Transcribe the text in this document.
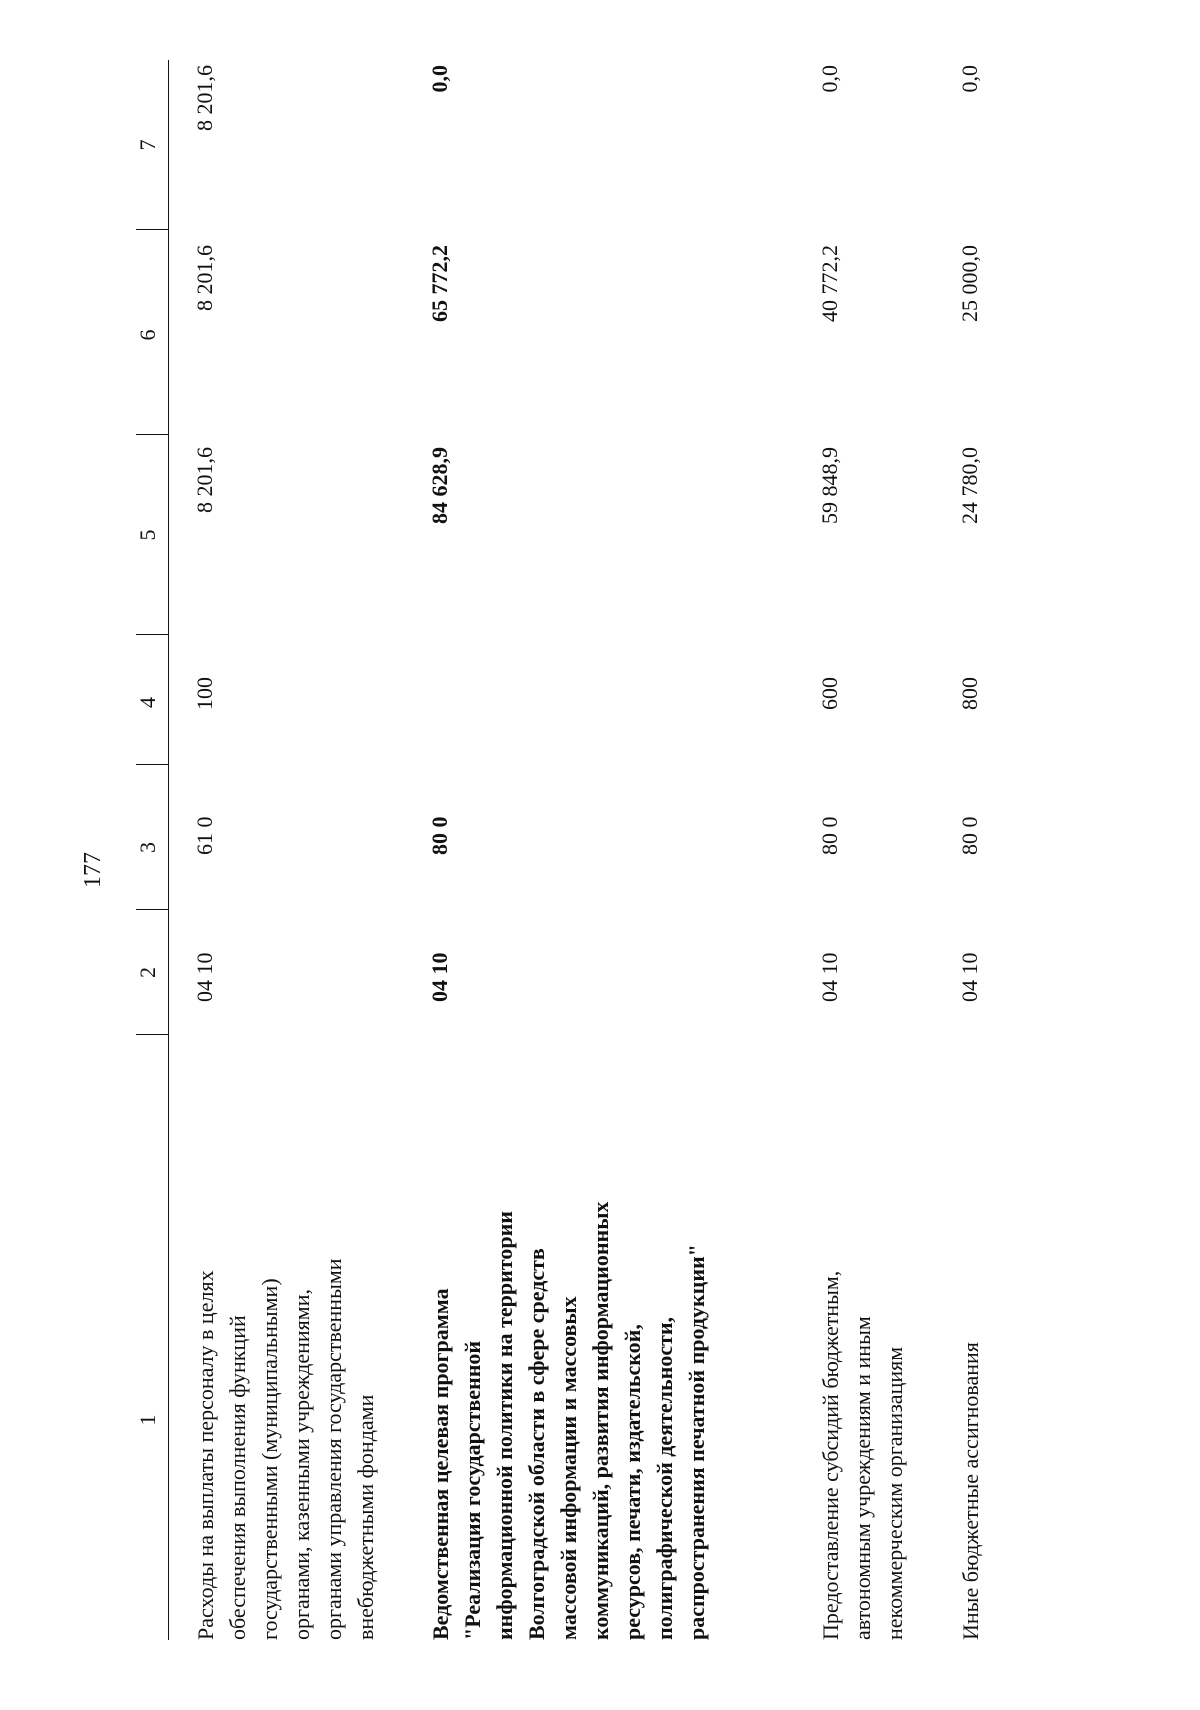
177
1
2
3
4
5
6
7
Расходы на выплаты персоналу в целях обеспечения выполнения функций государственными (муниципальными) органами, казенными учреждениями, органами управления государственными внебюджетными фондами
04 10
61 0
100
8 201,6
8 201,6
8 201,6
Ведомственная целевая программа "Реализация государственной информационной политики на территории Волгоградской области в сфере средств массовой информации и массовых коммуникаций, развития информационных ресурсов, печати, издательской, полиграфической деятельности, распространения печатной продукции"
04 10
80 0
84 628,9
65 772,2
0,0
Предоставление субсидий бюджетным, автономным учреждениям и иным некоммерческим организациям
04 10
80 0
600
59 848,9
40 772,2
0,0
Иные бюджетные ассигнования
04 10
80 0
800
24 780,0
25 000,0
0,0
